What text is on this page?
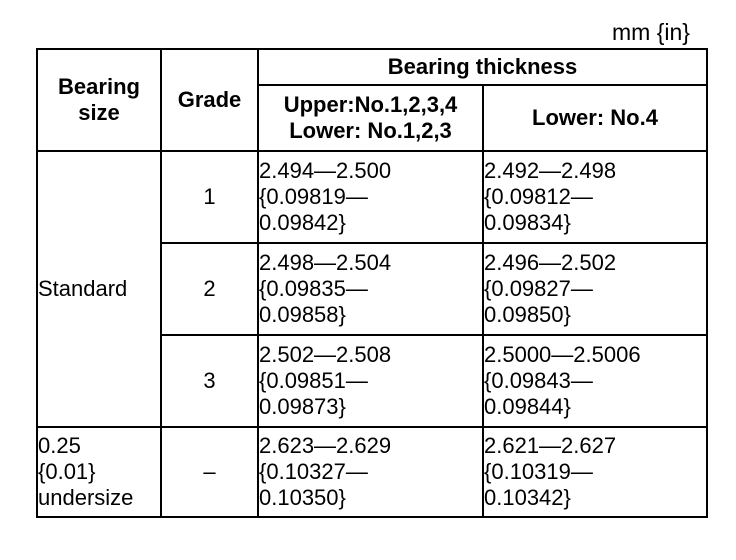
mm {in}
Bearing
size	Grade	Bearing thickness	
		Upper:No.1,2,3,4
Lower: No.1,2,3	Lower: No.4
Standard	1	2.494—2.500
{0.09819—
0.09842}	2.492—2.498
{0.09812—
0.09834}
	2	2.498—2.504
{0.09835—
0.09858}	2.496—2.502
{0.09827—
0.09850}
	3	2.502—2.508
{0.09851—
0.09873}	2.5000—2.5006
{0.09843—
0.09844}
0.25
{0.01}
undersize	–	2.623—2.629
{0.10327—
0.10350}	2.621—2.627
{0.10319—
0.10342}
